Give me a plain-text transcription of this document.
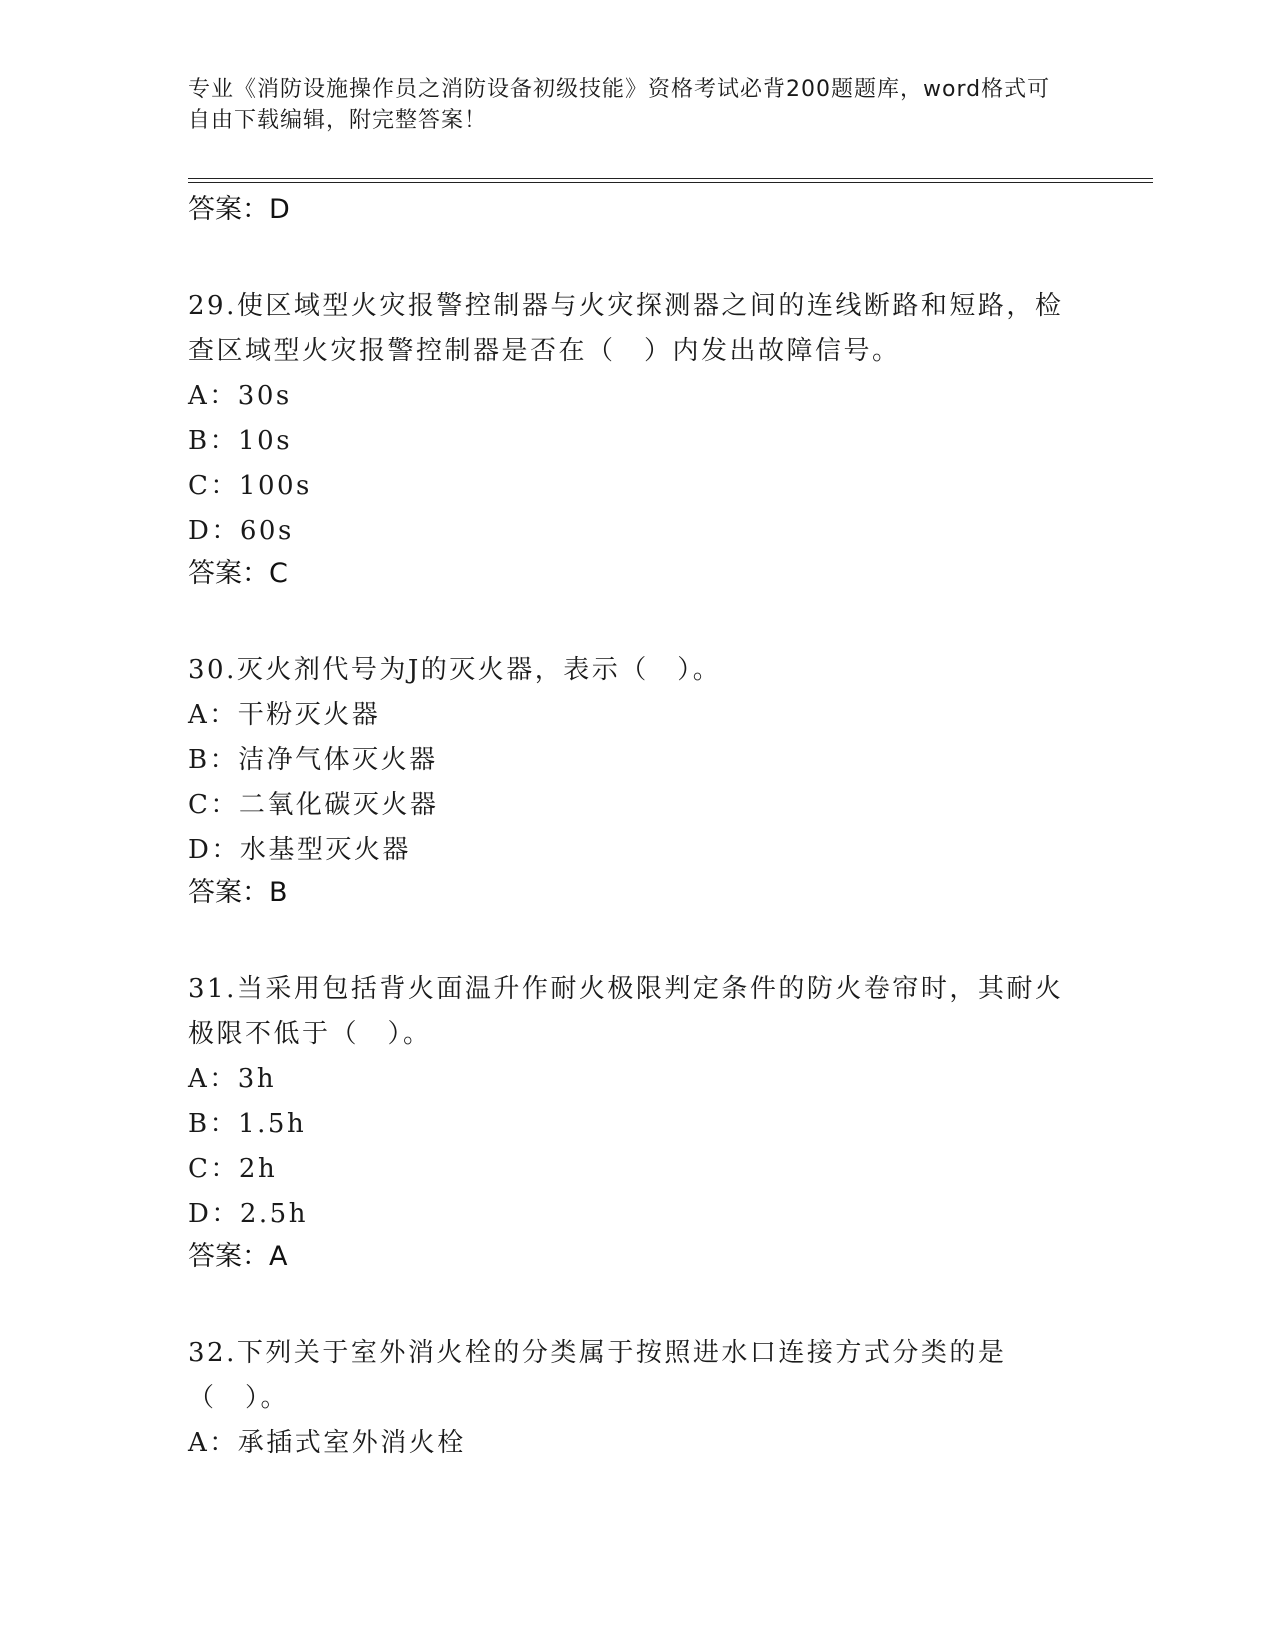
专业《消防设施操作员之消防设备初级技能》资格考试必背200题题库，word格式可自由下载编辑，附完整答案！

答案：D

29.使区域型火灾报警控制器与火灾探测器之间的连线断路和短路，检查区域型火灾报警控制器是否在（　）内发出故障信号。

A：30s

B：10s

C：100s

D：60s

答案：C

30.灭火剂代号为J的灭火器，表示（　）。

A：干粉灭火器

B：洁净气体灭火器

C：二氧化碳灭火器

D：水基型灭火器

答案：B

31.当采用包括背火面温升作耐火极限判定条件的防火卷帘时，其耐火极限不低于（　）。

A：3h

B：1.5h

C：2h

D：2.5h

答案：A

32.下列关于室外消火栓的分类属于按照进水口连接方式分类的是（　）。

A：承插式室外消火栓
